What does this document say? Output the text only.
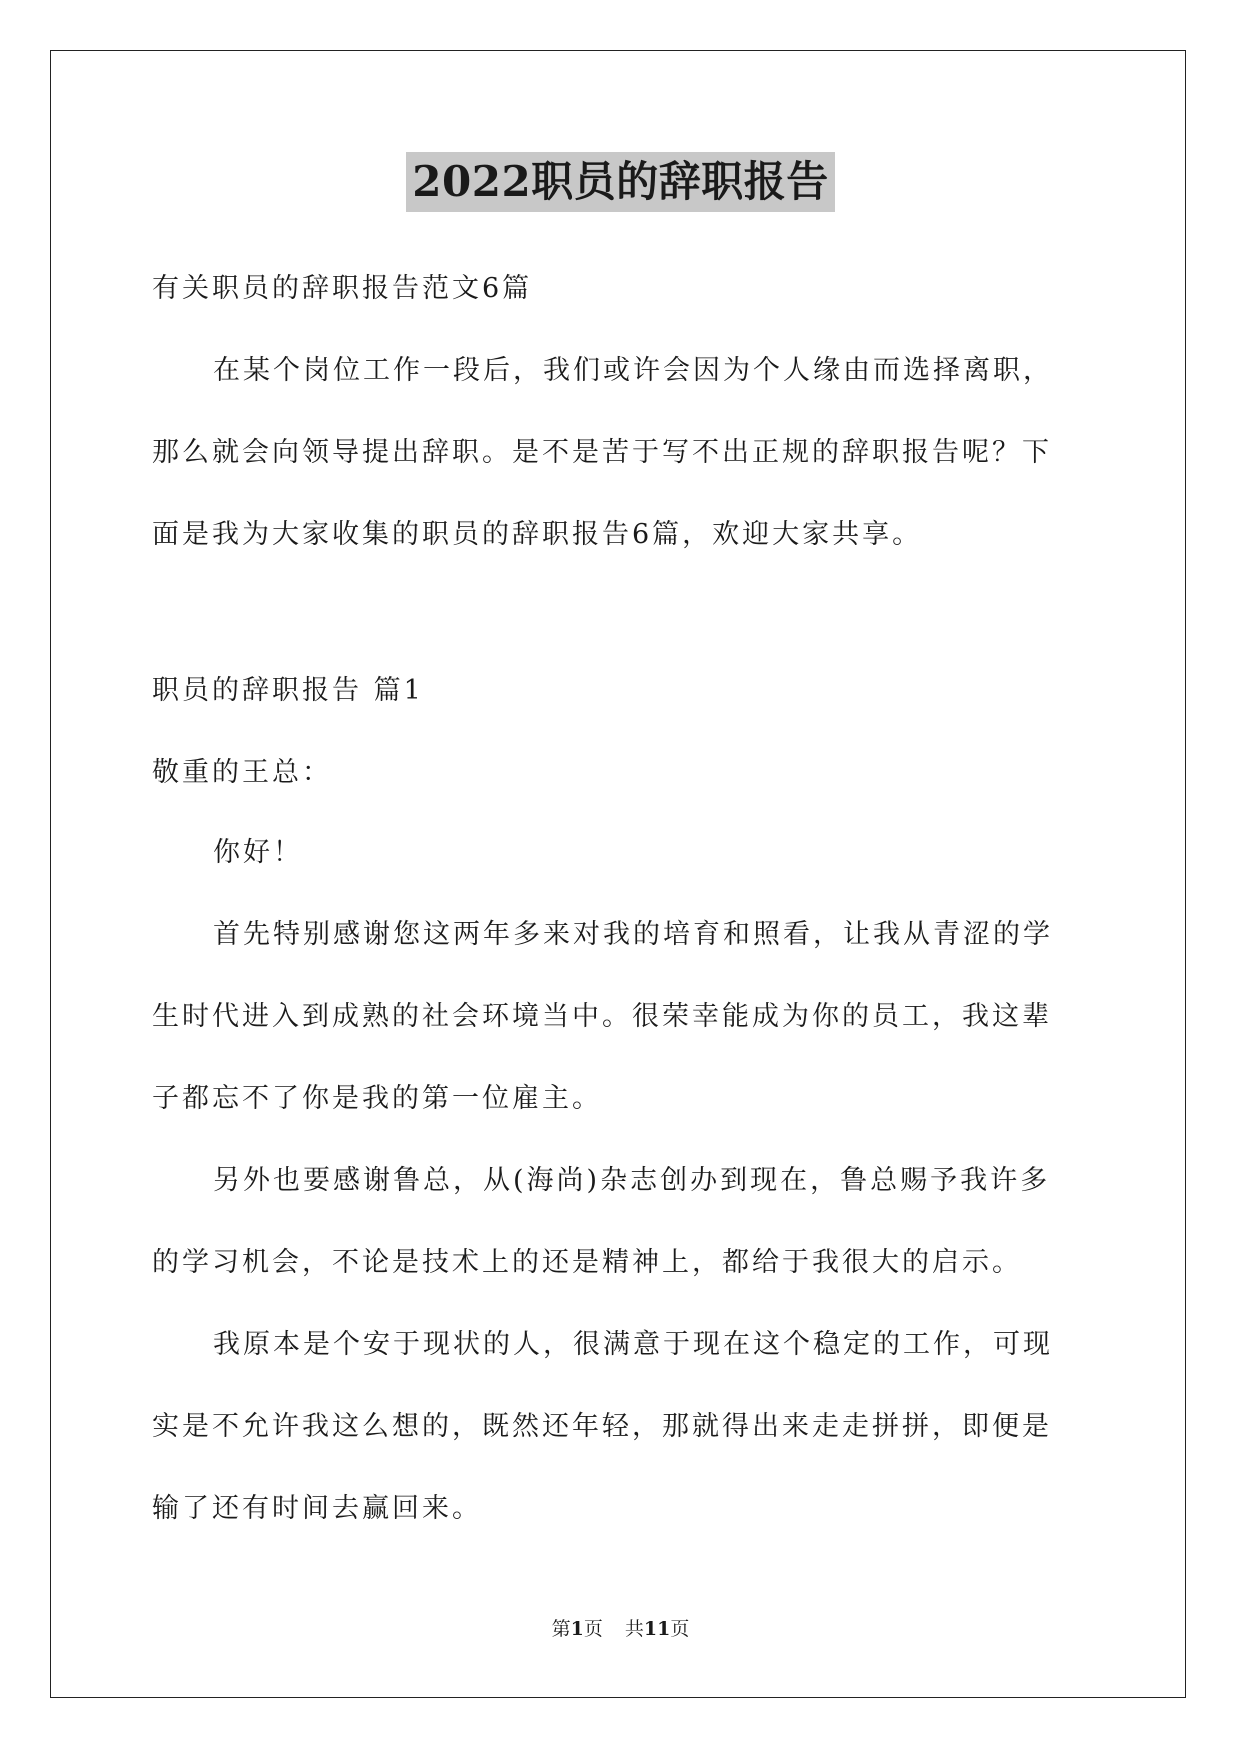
2022职员的辞职报告
有关职员的辞职报告范文6篇
在某个岗位工作一段后，我们或许会因为个人缘由而选择离职，
那么就会向领导提出辞职。是不是苦于写不出正规的辞职报告呢？下
面是我为大家收集的职员的辞职报告6篇，欢迎大家共享。
职员的辞职报告 篇1
敬重的王总：
你好！
首先特别感谢您这两年多来对我的培育和照看，让我从青涩的学
生时代进入到成熟的社会环境当中。很荣幸能成为你的员工，我这辈
子都忘不了你是我的第一位雇主。
另外也要感谢鲁总，从(海尚)杂志创办到现在，鲁总赐予我许多
的学习机会，不论是技术上的还是精神上，都给于我很大的启示。
我原本是个安于现状的人，很满意于现在这个稳定的工作，可现
实是不允许我这么想的，既然还年轻，那就得出来走走拼拼，即便是
输了还有时间去赢回来。
第1页 共11页
